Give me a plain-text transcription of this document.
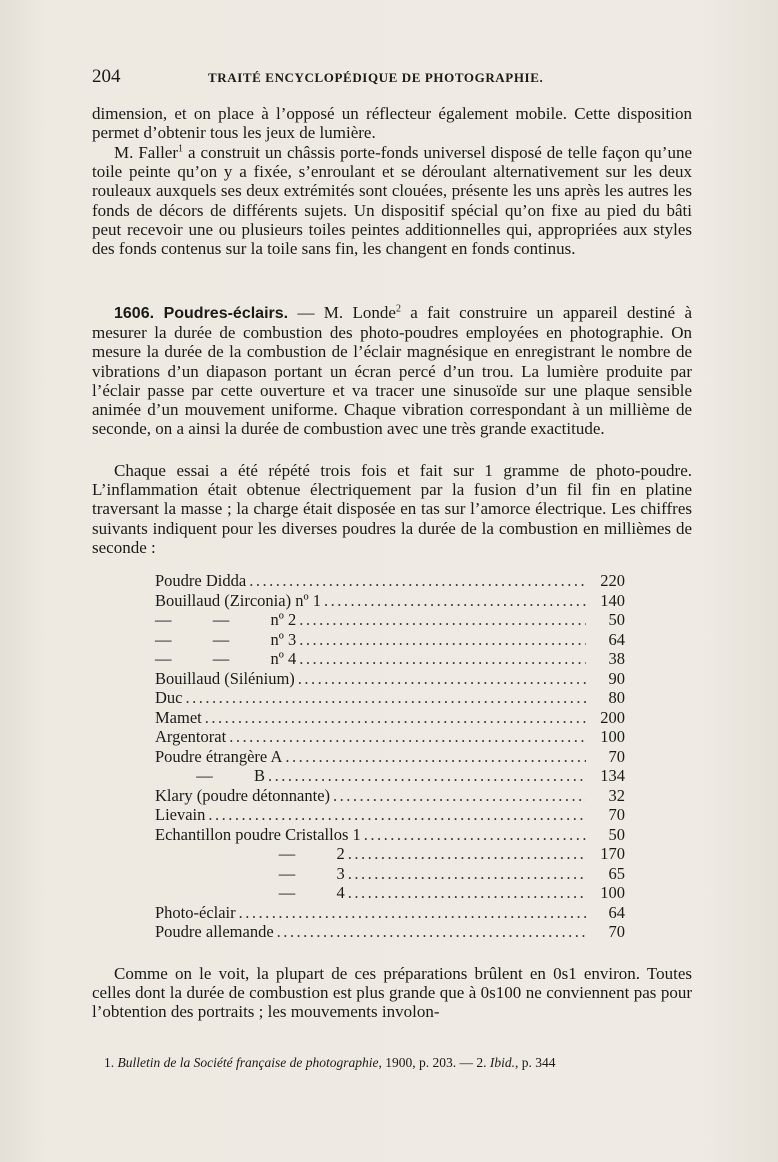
204	TRAITÉ ENCYCLOPÉDIQUE DE PHOTOGRAPHIE.

dimension, et on place à l’opposé un réflecteur également mobile. Cette disposition permet d’obtenir tous les jeux de lumière.

M. Faller$^1$ a construit un châssis porte-fonds universel disposé de telle façon qu’une toile peinte qu’on y a fixée, s’enroulant et se déroulant alternativement sur les deux rouleaux auxquels ses deux extrémités sont clouées, présente les uns après les autres les fonds de décors de différents sujets. Un dispositif spécial qu’on fixe au pied du bâti peut recevoir une ou plusieurs toiles peintes additionnelles qui, appropriées aux styles des fonds contenus sur la toile sans fin, les changent en fonds continus.

1606. Poudres-éclairs. — M. Londe$^2$ a fait construire un appareil destiné à mesurer la durée de combustion des photo-poudres employées en photographie. On mesure la durée de la combustion de l’éclair magnésique en enregistrant le nombre de vibrations d’un diapason portant un écran percé d’un trou. La lumière produite par l’éclair passe par cette ouverture et va tracer une sinusoïde sur une plaque sensible animée d’un mouvement uniforme. Chaque vibration correspondant à un millième de seconde, on a ainsi la durée de combustion avec une très grande exactitude.

Chaque essai a été répété trois fois et fait sur 1 gramme de photo-poudre. L’inflammation était obtenue électriquement par la fusion d’un fil fin en platine traversant la masse ; la charge était disposée en tas sur l’amorce électrique. Les chiffres suivants indiquent pour les diverses poudres la durée de la combustion en millièmes de seconde :

Poudre Didda .....	220
Bouillaud (Zirconia) nº 1 .....	140
—          —          nº 2 .....	50
—          —          nº 3 .....	64
—          —          nº 4 .....	38
Bouillaud (Silénium) .....	90
Duc .....	80
Mamet .....	200
Argentorat .....	100
Poudre étrangère A .....	70
—          B .....	134
Klary (poudre détonnante) .....	32
Lievain .....	70
Echantillon poudre Cristallos 1 .....	50
—          2 .....	170
—          3 .....	65
—          4 .....	100
Photo-éclair .....	64
Poudre allemande .....	70

Comme on le voit, la plupart de ces préparations brûlent en 0s1 environ. Toutes celles dont la durée de combustion est plus grande que à 0s100 ne conviennent pas pour l’obtention des portraits ; les mouvements involon-

1. Bulletin de la Société française de photographie, 1900, p. 203. — 2. Ibid., p. 344
